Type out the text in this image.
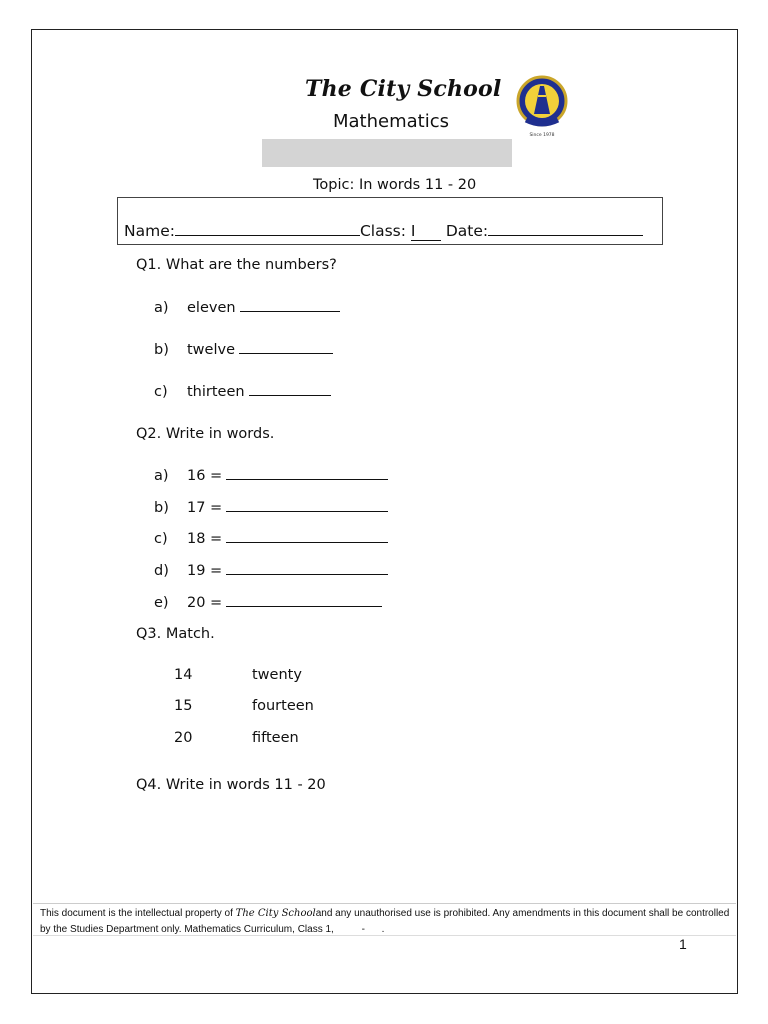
The City School
Mathematics
Since 1978
Topic: In words 11 - 20
Name:	Class: I Date:
Q1. What are the numbers?
a) eleven
b) twelve
c) thirteen
Q2. Write in words.
a) 16 =
b) 17 =
c) 18 =
d) 19 =
e) 20 =
Q3. Match.
14
15
20
twenty
fourteen
fifteen
Q4. Write in words 11 - 20
This document is the intellectual property of The City Schooland any unauthorised use is prohibited. Any amendments in this document shall be controlled by the Studies Department only. Mathematics Curriculum, Class 1,	- .
1
